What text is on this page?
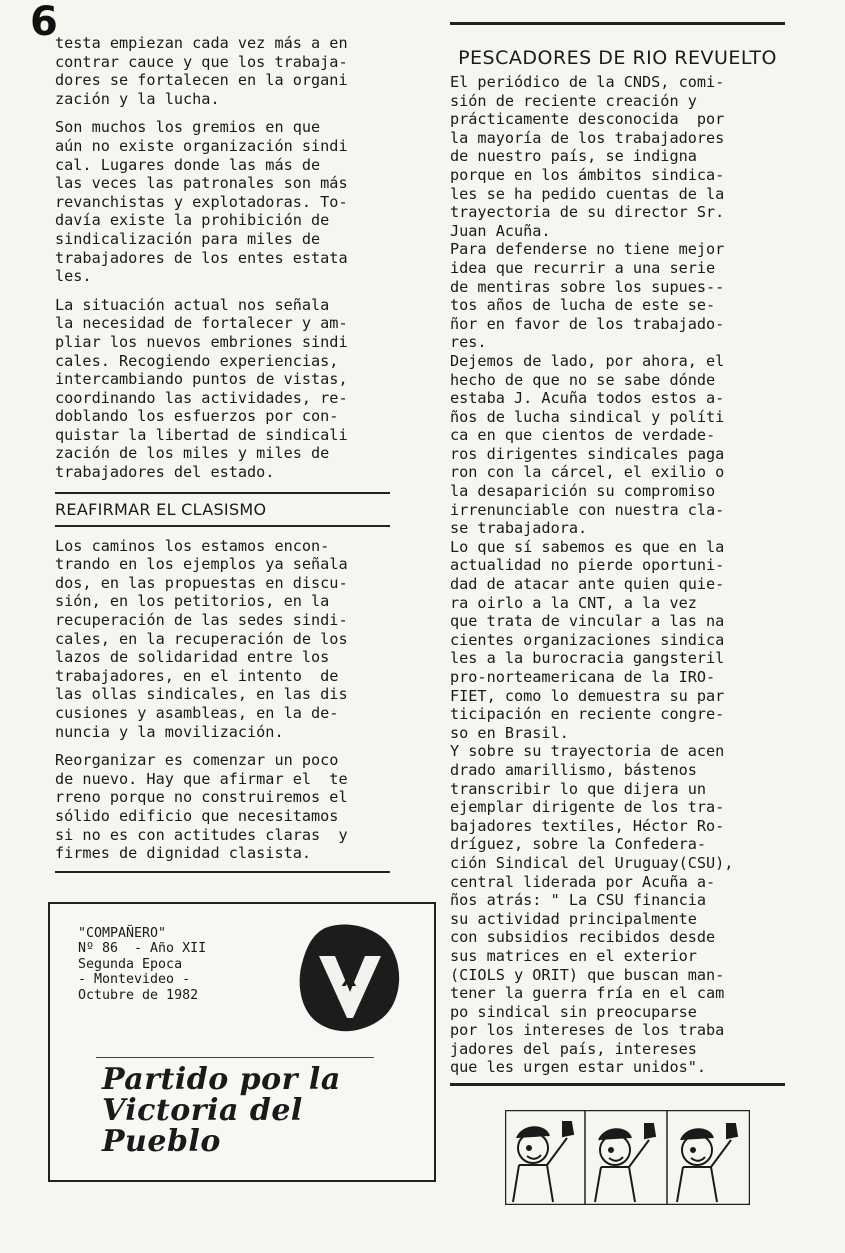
6

testa empiezan cada vez más a en
contrar cauce y que los trabaja-
dores se fortalecen en la organi
zación y la lucha.

Son muchos los gremios en que
aún no existe organización sindi
cal. Lugares donde las más de
las veces las patronales son más
revanchistas y explotadoras. To-
davía existe la prohibición de
sindicalización para miles de
trabajadores de los entes estata
les.

La situación actual nos señala
la necesidad de fortalecer y am-
pliar los nuevos embriones sindi
cales. Recogiendo experiencias,
intercambiando puntos de vistas,
coordinando las actividades, re-
doblando los esfuerzos por con-
quistar la libertad de sindicali
zación de los miles y miles de
trabajadores del estado.

REAFIRMAR EL CLASISMO

Los caminos los estamos encon-
trando en los ejemplos ya señala
dos, en las propuestas en discu-
sión, en los petitorios, en la
recuperación de las sedes sindi-
cales, en la recuperación de los
lazos de solidaridad entre los
trabajadores, en el intento  de
las ollas sindicales, en las dis
cusiones y asambleas, en la de-
nuncia y la movilización.

Reorganizar es comenzar un poco
de nuevo. Hay que afirmar el  te
rreno porque no construiremos el
sólido edificio que necesitamos
si no es con actitudes claras  y
firmes de dignidad clasista.

"COMPAÑERO"
Nº 86  - Año XII
Segunda Epoca
- Montevideo -
Octubre de 1982
X
Partido por la
Victoria del
Pueblo
PESCADORES DE RIO REVUELTO

El periódico de la CNDS, comi-
sión de reciente creación y
prácticamente desconocida  por
la mayoría de los trabajadores
de nuestro país, se indigna
porque en los ámbitos sindica-
les se ha pedido cuentas de la
trayectoria de su director Sr.
Juan Acuña.

Para defenderse no tiene mejor
idea que recurrir a una serie
de mentiras sobre los supues--
tos años de lucha de este se-
ñor en favor de los trabajado-
res.

Dejemos de lado, por ahora, el
hecho de que no se sabe dónde
estaba J. Acuña todos estos a-
ños de lucha sindical y políti
ca en que cientos de verdade-
ros dirigentes sindicales paga
ron con la cárcel, el exilio o
la desaparición su compromiso
irrenunciable con nuestra cla-
se trabajadora.

Lo que sí sabemos es que en la
actualidad no pierde oportuni-
dad de atacar ante quien quie-
ra oirlo a la CNT, a la vez
que trata de vincular a las na
cientes organizaciones sindica
les a la burocracia gangsteril
pro-norteamericana de la IRO-
FIET, como lo demuestra su par
ticipación en reciente congre-
so en Brasil.

Y sobre su trayectoria de acen
drado amarillismo, bástenos
transcribir lo que dijera un
ejemplar dirigente de los tra-
bajadores textiles, Héctor Ro-
dríguez, sobre la Confedera-
ción Sindical del Uruguay(CSU),
central liderada por Acuña a-
ños atrás: " La CSU financia
su actividad principalmente
con subsidios recibidos desde
sus matrices en el exterior
(CIOLS y ORIT) que buscan man-
tener la guerra fría en el cam
po sindical sin preocuparse
por los intereses de los traba
jadores del país, intereses
que les urgen estar unidos".
